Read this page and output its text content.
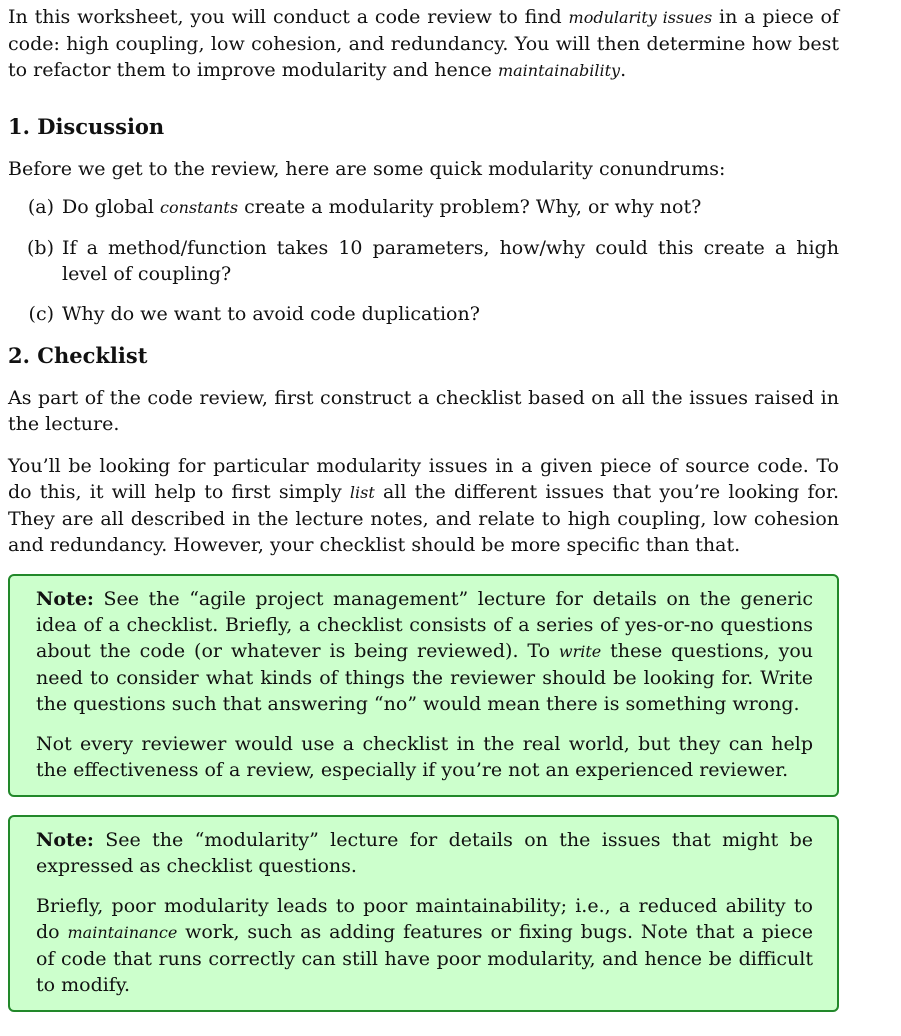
In this worksheet, you will conduct a code review to find modularity issues in a piece of code: high coupling, low cohesion, and redundancy. You will then determine how best to refactor them to improve modularity and hence maintainability.

1. Discussion

Before we get to the review, here are some quick modularity conundrums:

(a) Do global constants create a modularity problem? Why, or why not?
(b) If a method/function takes 10 parameters, how/why could this create a high level of coupling?
(c) Why do we want to avoid code duplication?
2. Checklist

As part of the code review, first construct a checklist based on all the issues raised in the lecture.

You’ll be looking for particular modularity issues in a given piece of source code. To do this, it will help to first simply list all the different issues that you’re looking for. They are all described in the lecture notes, and relate to high coupling, low cohesion and redundancy. However, your checklist should be more specific than that.

Note: See the “agile project management” lecture for details on the generic idea of a checklist. Briefly, a checklist consists of a series of yes-or-no questions about the code (or whatever is being reviewed). To write these questions, you need to consider what kinds of things the reviewer should be looking for. Write the questions such that answering “no” would mean there is something wrong.

Not every reviewer would use a checklist in the real world, but they can help the effectiveness of a review, especially if you’re not an experienced reviewer.

Note: See the “modularity” lecture for details on the issues that might be expressed as checklist questions.

Briefly, poor modularity leads to poor maintainability; i.e., a reduced ability to do maintainance work, such as adding features or fixing bugs. Note that a piece of code that runs correctly can still have poor modularity, and hence be difficult to modify.
